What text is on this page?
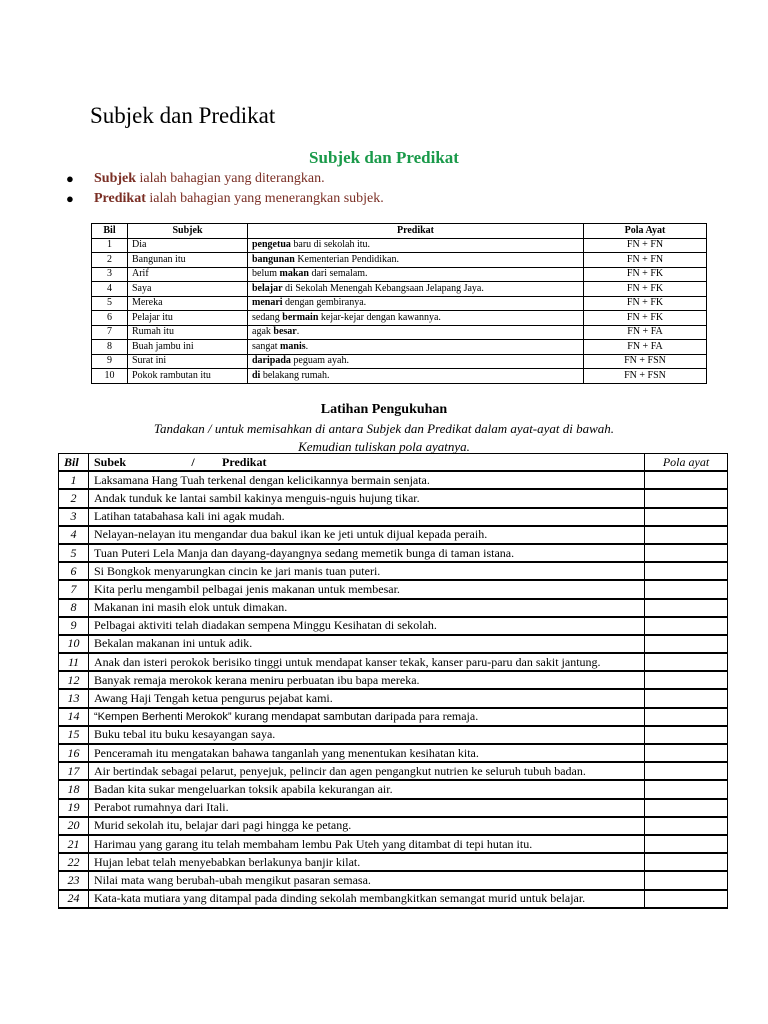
Subjek dan Predikat
Subjek dan Predikat
● Subjek ialah bahagian yang diterangkan.
● Predikat ialah bahagian yang menerangkan subjek.
Bil	Subjek	Predikat	Pola Ayat
1	Dia	pengetua baru di sekolah itu.	FN + FN
2	Bangunan itu	bangunan Kementerian Pendidikan.	FN + FN
3	Arif	belum makan dari semalam.	FN + FK
4	Saya	belajar di Sekolah Menengah Kebangsaan Jelapang Jaya.	FN + FK
5	Mereka	menari dengan gembiranya.	FN + FK
6	Pelajar itu	sedang bermain kejar-kejar dengan kawannya.	FN + FK
7	Rumah itu	agak besar.	FN + FA
8	Buah jambu ini	sangat manis.	FN + FA
9	Surat ini	daripada peguam ayah.	FN + FSN
10	Pokok rambutan itu	di belakang rumah.	FN + FSN
Latihan Pengukuhan

Tandakan / untuk memisahkan di antara Subjek dan Predikat dalam ayat-ayat di bawah.
Kemudian tuliskan pola ayatnya.

Bil	Subek / Predikat	Pola ayat
1	Laksamana Hang Tuah terkenal dengan kelicikannya bermain senjata.	
2	Andak tunduk ke lantai sambil kakinya menguis-nguis hujung tikar.	
3	Latihan tatabahasa kali ini agak mudah.	
4	Nelayan-nelayan itu mengandar dua bakul ikan ke jeti untuk dijual kepada peraih.	
5	Tuan Puteri Lela Manja dan dayang-dayangnya sedang memetik bunga di taman istana.	
6	Si Bongkok menyarungkan cincin ke jari manis tuan puteri.	
7	Kita perlu mengambil pelbagai jenis makanan untuk membesar.	
8	Makanan ini masih elok untuk dimakan.	
9	Pelbagai aktiviti telah diadakan sempena Minggu Kesihatan di sekolah.	
10	Bekalan makanan ini untuk adik.	
11	Anak dan isteri perokok berisiko tinggi untuk mendapat kanser tekak, kanser paru-paru dan sakit jantung.	
12	Banyak remaja merokok kerana meniru perbuatan ibu bapa mereka.	
13	Awang Haji Tengah ketua pengurus pejabat kami.	
14	“Kempen Berhenti Merokok” kurang mendapat sambutan daripada para remaja.	
15	Buku tebal itu buku kesayangan saya.	
16	Penceramah itu mengatakan bahawa tanganlah yang menentukan kesihatan kita.	
17	Air bertindak sebagai pelarut, penyejuk, pelincir dan agen pengangkut nutrien ke seluruh tubuh badan.	
18	Badan kita sukar mengeluarkan toksik apabila kekurangan air.	
19	Perabot rumahnya dari Itali.	
20	Murid sekolah itu, belajar dari pagi hingga ke petang.	
21	Harimau yang garang itu telah membaham lembu Pak Uteh yang ditambat di tepi hutan itu.	
22	Hujan lebat telah menyebabkan berlakunya banjir kilat.	
23	Nilai mata wang berubah-ubah mengikut pasaran semasa.	
24	Kata-kata mutiara yang ditampal pada dinding sekolah membangkitkan semangat murid untuk belajar.	
